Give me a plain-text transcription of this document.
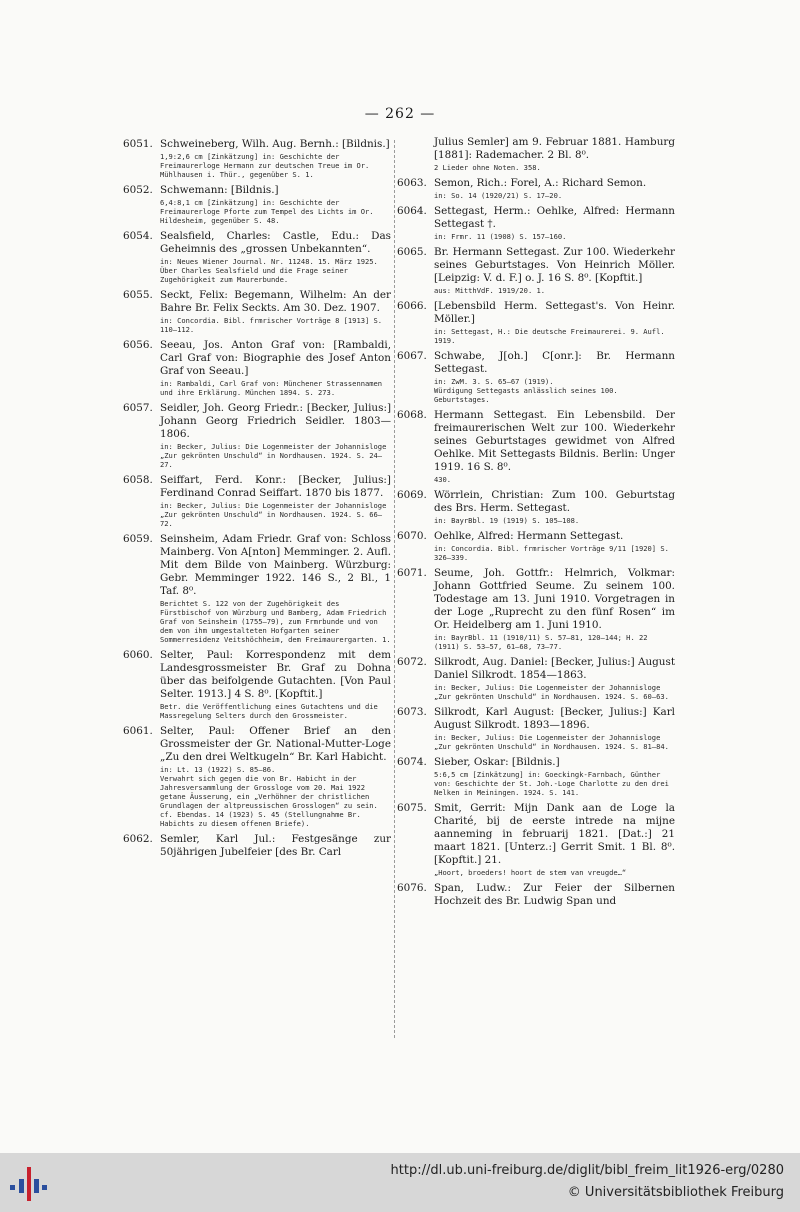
— 262 —
6051. Schweineberg, Wilh. Aug. Bernh.: [Bildnis.]

1,9:2,6 cm [Zinkätzung] in: Geschichte der Freimaurerloge Hermann zur deutschen Treue im Or. Mühlhausen i. Thür., gegenüber S. 1.

6052. Schwemann: [Bildnis.]

6,4:8,1 cm [Zinkätzung] in: Geschichte der Freimaurerloge Pforte zum Tempel des Lichts im Or. Hildesheim, gegenüber S. 48.

6054. Sealsfield, Charles: Castle, Edu.: Das Geheimnis des „grossen Unbekannten“.

in: Neues Wiener Journal. Nr. 11248. 15. März 1925.

Über Charles Sealsfield und die Frage seiner Zugehörigkeit zum Maurerbunde.

6055. Seckt, Felix: Begemann, Wilhelm: An der Bahre Br. Felix Seckts. Am 30. Dez. 1907.

in: Concordia. Bibl. frmrischer Vorträge 8 [1913] S. 110—112.

6056. Seeau, Jos. Anton Graf von: [Rambaldi, Carl Graf von: Biographie des Josef Anton Graf von Seeau.]

in: Rambaldi, Carl Graf von: Münchener Strassennamen und ihre Erklärung. München 1894. S. 273.

6057. Seidler, Joh. Georg Friedr.: [Becker, Julius:] Johann Georg Friedrich Seidler. 1803—1806.

in: Becker, Julius: Die Logenmeister der Johannisloge „Zur gekrönten Unschuld“ in Nordhausen. 1924. S. 24—27.

6058. Seiffart, Ferd. Konr.: [Becker, Julius:] Ferdinand Conrad Seiffart. 1870 bis 1877.

in: Becker, Julius: Die Logenmeister der Johannisloge „Zur gekrönten Unschuld“ in Nordhausen. 1924. S. 66—72.

6059. Seinsheim, Adam Friedr. Graf von: Schloss Mainberg. Von A[nton] Memminger. 2. Aufl. Mit dem Bilde von Mainberg. Würzburg: Gebr. Memminger 1922. 146 S., 2 Bl., 1 Taf. 8⁰.

Berichtet S. 122 von der Zugehörigkeit des Fürstbischof von Würzburg und Bamberg, Adam Friedrich Graf von Seinsheim (1755—79), zum Frmrbunde und von dem von ihm umgestalteten Hofgarten seiner Sommerresidenz Veitshöchheim, dem Freimaurergarten. 1.

6060. Selter, Paul: Korrespondenz mit dem Landesgrossmeister Br. Graf zu Dohna über das beifolgende Gutachten. [Von Paul Selter. 1913.] 4 S. 8⁰. [Kopftit.]

Betr. die Veröffentlichung eines Gutachtens und die Massregelung Selters durch den Grossmeister.

6061. Selter, Paul: Offener Brief an den Grossmeister der Gr. National-Mutter-Loge „Zu den drei Weltkugeln“ Br. Karl Habicht.

in: Lt. 13 (1922) S. 85—86.

Verwahrt sich gegen die von Br. Habicht in der Jahresversammlung der Grossloge vom 20. Mai 1922 getane Äusserung, ein „Verhöhner der christlichen Grundlagen der altpreussischen Grosslogen“ zu sein.

cf. Ebendas. 14 (1923) S. 45 (Stellungnahme Br. Habichts zu diesem offenen Briefe).

6062. Semler, Karl Jul.: Festgesänge zur 50jährigen Jubelfeier [des Br. Carl
Julius Semler] am 9. Februar 1881. Hamburg [1881]: Rademacher. 2 Bl. 8⁰.

2 Lieder ohne Noten. 358.

6063. Semon, Rich.: Forel, A.: Richard Semon.

in: So. 14 (1920/21) S. 17—20.

6064. Settegast, Herm.: Oehlke, Alfred: Hermann Settegast †.

in: Frmr. 11 (1908) S. 157—160.

6065. Br. Hermann Settegast. Zur 100. Wiederkehr seines Geburtstages. Von Heinrich Möller. [Leipzig: V. d. F.] o. J. 16 S. 8⁰. [Kopftit.]

aus: MitthVdF. 1919/20. 1.

6066. [Lebensbild Herm. Settegast's. Von Heinr. Möller.]

in: Settegast, H.: Die deutsche Freimaurerei. 9. Aufl. 1919.

6067. Schwabe, J[oh.] C[onr.]: Br. Hermann Settegast.

in: ZwM. 3. S. 65—67 (1919).

Würdigung Settegasts anlässlich seines 100. Geburtstages.

6068. Hermann Settegast. Ein Lebensbild. Der freimaurerischen Welt zur 100. Wiederkehr seines Geburtstages gewidmet von Alfred Oehlke. Mit Settegasts Bildnis. Berlin: Unger 1919. 16 S. 8⁰.

430.

6069. Wörrlein, Christian: Zum 100. Geburtstag des Brs. Herm. Settegast.

in: BayrBbl. 19 (1919) S. 105—108.

6070. Oehlke, Alfred: Hermann Settegast.

in: Concordia. Bibl. frmrischer Vorträge 9/11 [1920] S. 326—339.

6071. Seume, Joh. Gottfr.: Helmrich, Volkmar: Johann Gottfried Seume. Zu seinem 100. Todestage am 13. Juni 1910. Vorgetragen in der Loge „Ruprecht zu den fünf Rosen“ im Or. Heidelberg am 1. Juni 1910.

in: BayrBbl. 11 (1910/11) S. 57—81, 120—144; H. 22 (1911) S. 53—57, 61—68, 73—77.

6072. Silkrodt, Aug. Daniel: [Becker, Julius:] August Daniel Silkrodt. 1854—1863.

in: Becker, Julius: Die Logenmeister der Johannisloge „Zur gekrönten Unschuld“ in Nordhausen. 1924. S. 60—63.

6073. Silkrodt, Karl August: [Becker, Julius:] Karl August Silkrodt. 1893—1896.

in: Becker, Julius: Die Logenmeister der Johannisloge „Zur gekrönten Unschuld“ in Nordhausen. 1924. S. 81—84.

6074. Sieber, Oskar: [Bildnis.]

5:6,5 cm [Zinkätzung] in: Goeckingk-Farnbach, Günther von: Geschichte der St. Joh.-Loge Charlotte zu den drei Nelken in Meiningen. 1924. S. 141.

6075. Smit, Gerrit: Mijn Dank aan de Loge la Charité, bij de eerste intrede na mijne aanneming in februarij 1821. [Dat.:] 21 maart 1821. [Unterz.:] Gerrit Smit. 1 Bl. 8⁰. [Kopftit.] 21.

„Hoort, broeders! hoort de stem van vreugde…“

6076. Span, Ludw.: Zur Feier der Silbernen Hochzeit des Br. Ludwig Span und
http://dl.ub.uni-freiburg.de/diglit/bibl_freim_lit1926-erg/0280
© Universitätsbibliothek Freiburg
